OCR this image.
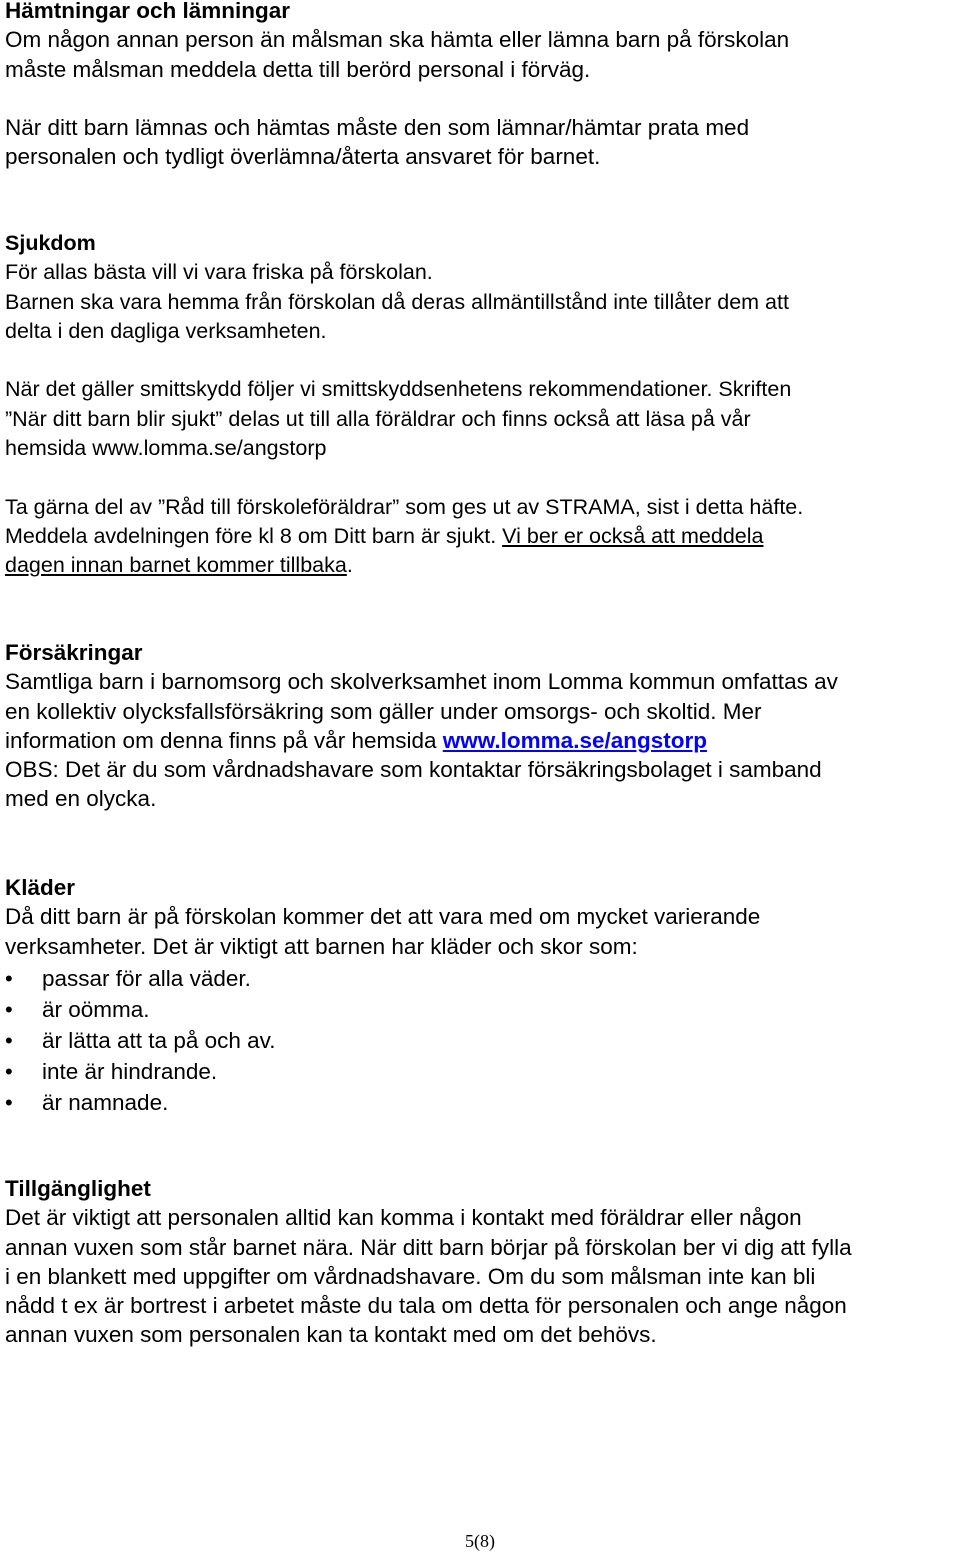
Hämtningar och lämningar
Om någon annan person än målsman ska hämta eller lämna barn på förskolan
måste målsman meddela detta till berörd personal i förväg.
När ditt barn lämnas och hämtas måste den som lämnar/hämtar prata med
personalen och tydligt överlämna/återta ansvaret för barnet.
Sjukdom
För allas bästa vill vi vara friska på förskolan.
Barnen ska vara hemma från förskolan då deras allmäntillstånd inte tillåter dem att
delta i den dagliga verksamheten.
När det gäller smittskydd följer vi smittskyddsenhetens rekommendationer. Skriften
”När ditt barn blir sjukt” delas ut till alla föräldrar och finns också att läsa på vår
hemsida www.lomma.se/angstorp
Ta gärna del av ”Råd till förskoleföräldrar” som ges ut av STRAMA, sist i detta häfte.
Meddela avdelningen före kl 8 om Ditt barn är sjukt. Vi ber er också att meddela
dagen innan barnet kommer tillbaka.
Försäkringar
Samtliga barn i barnomsorg och skolverksamhet inom Lomma kommun omfattas av
en kollektiv olycksfallsförsäkring som gäller under omsorgs- och skoltid. Mer
information om denna finns på vår hemsida www.lomma.se/angstorp
OBS: Det är du som vårdnadshavare som kontaktar försäkringsbolaget i samband
med en olycka.
Kläder
Då ditt barn är på förskolan kommer det att vara med om mycket varierande
verksamheter. Det är viktigt att barnen har kläder och skor som:
• passar för alla väder.
• är oömma.
• är lätta att ta på och av.
• inte är hindrande.
• är namnade.
Tillgänglighet
Det är viktigt att personalen alltid kan komma i kontakt med föräldrar eller någon
annan vuxen som står barnet nära. När ditt barn börjar på förskolan ber vi dig att fylla
i en blankett med uppgifter om vårdnadshavare. Om du som målsman inte kan bli
nådd t ex är bortrest i arbetet måste du tala om detta för personalen och ange någon
annan vuxen som personalen kan ta kontakt med om det behövs.
5(8)
